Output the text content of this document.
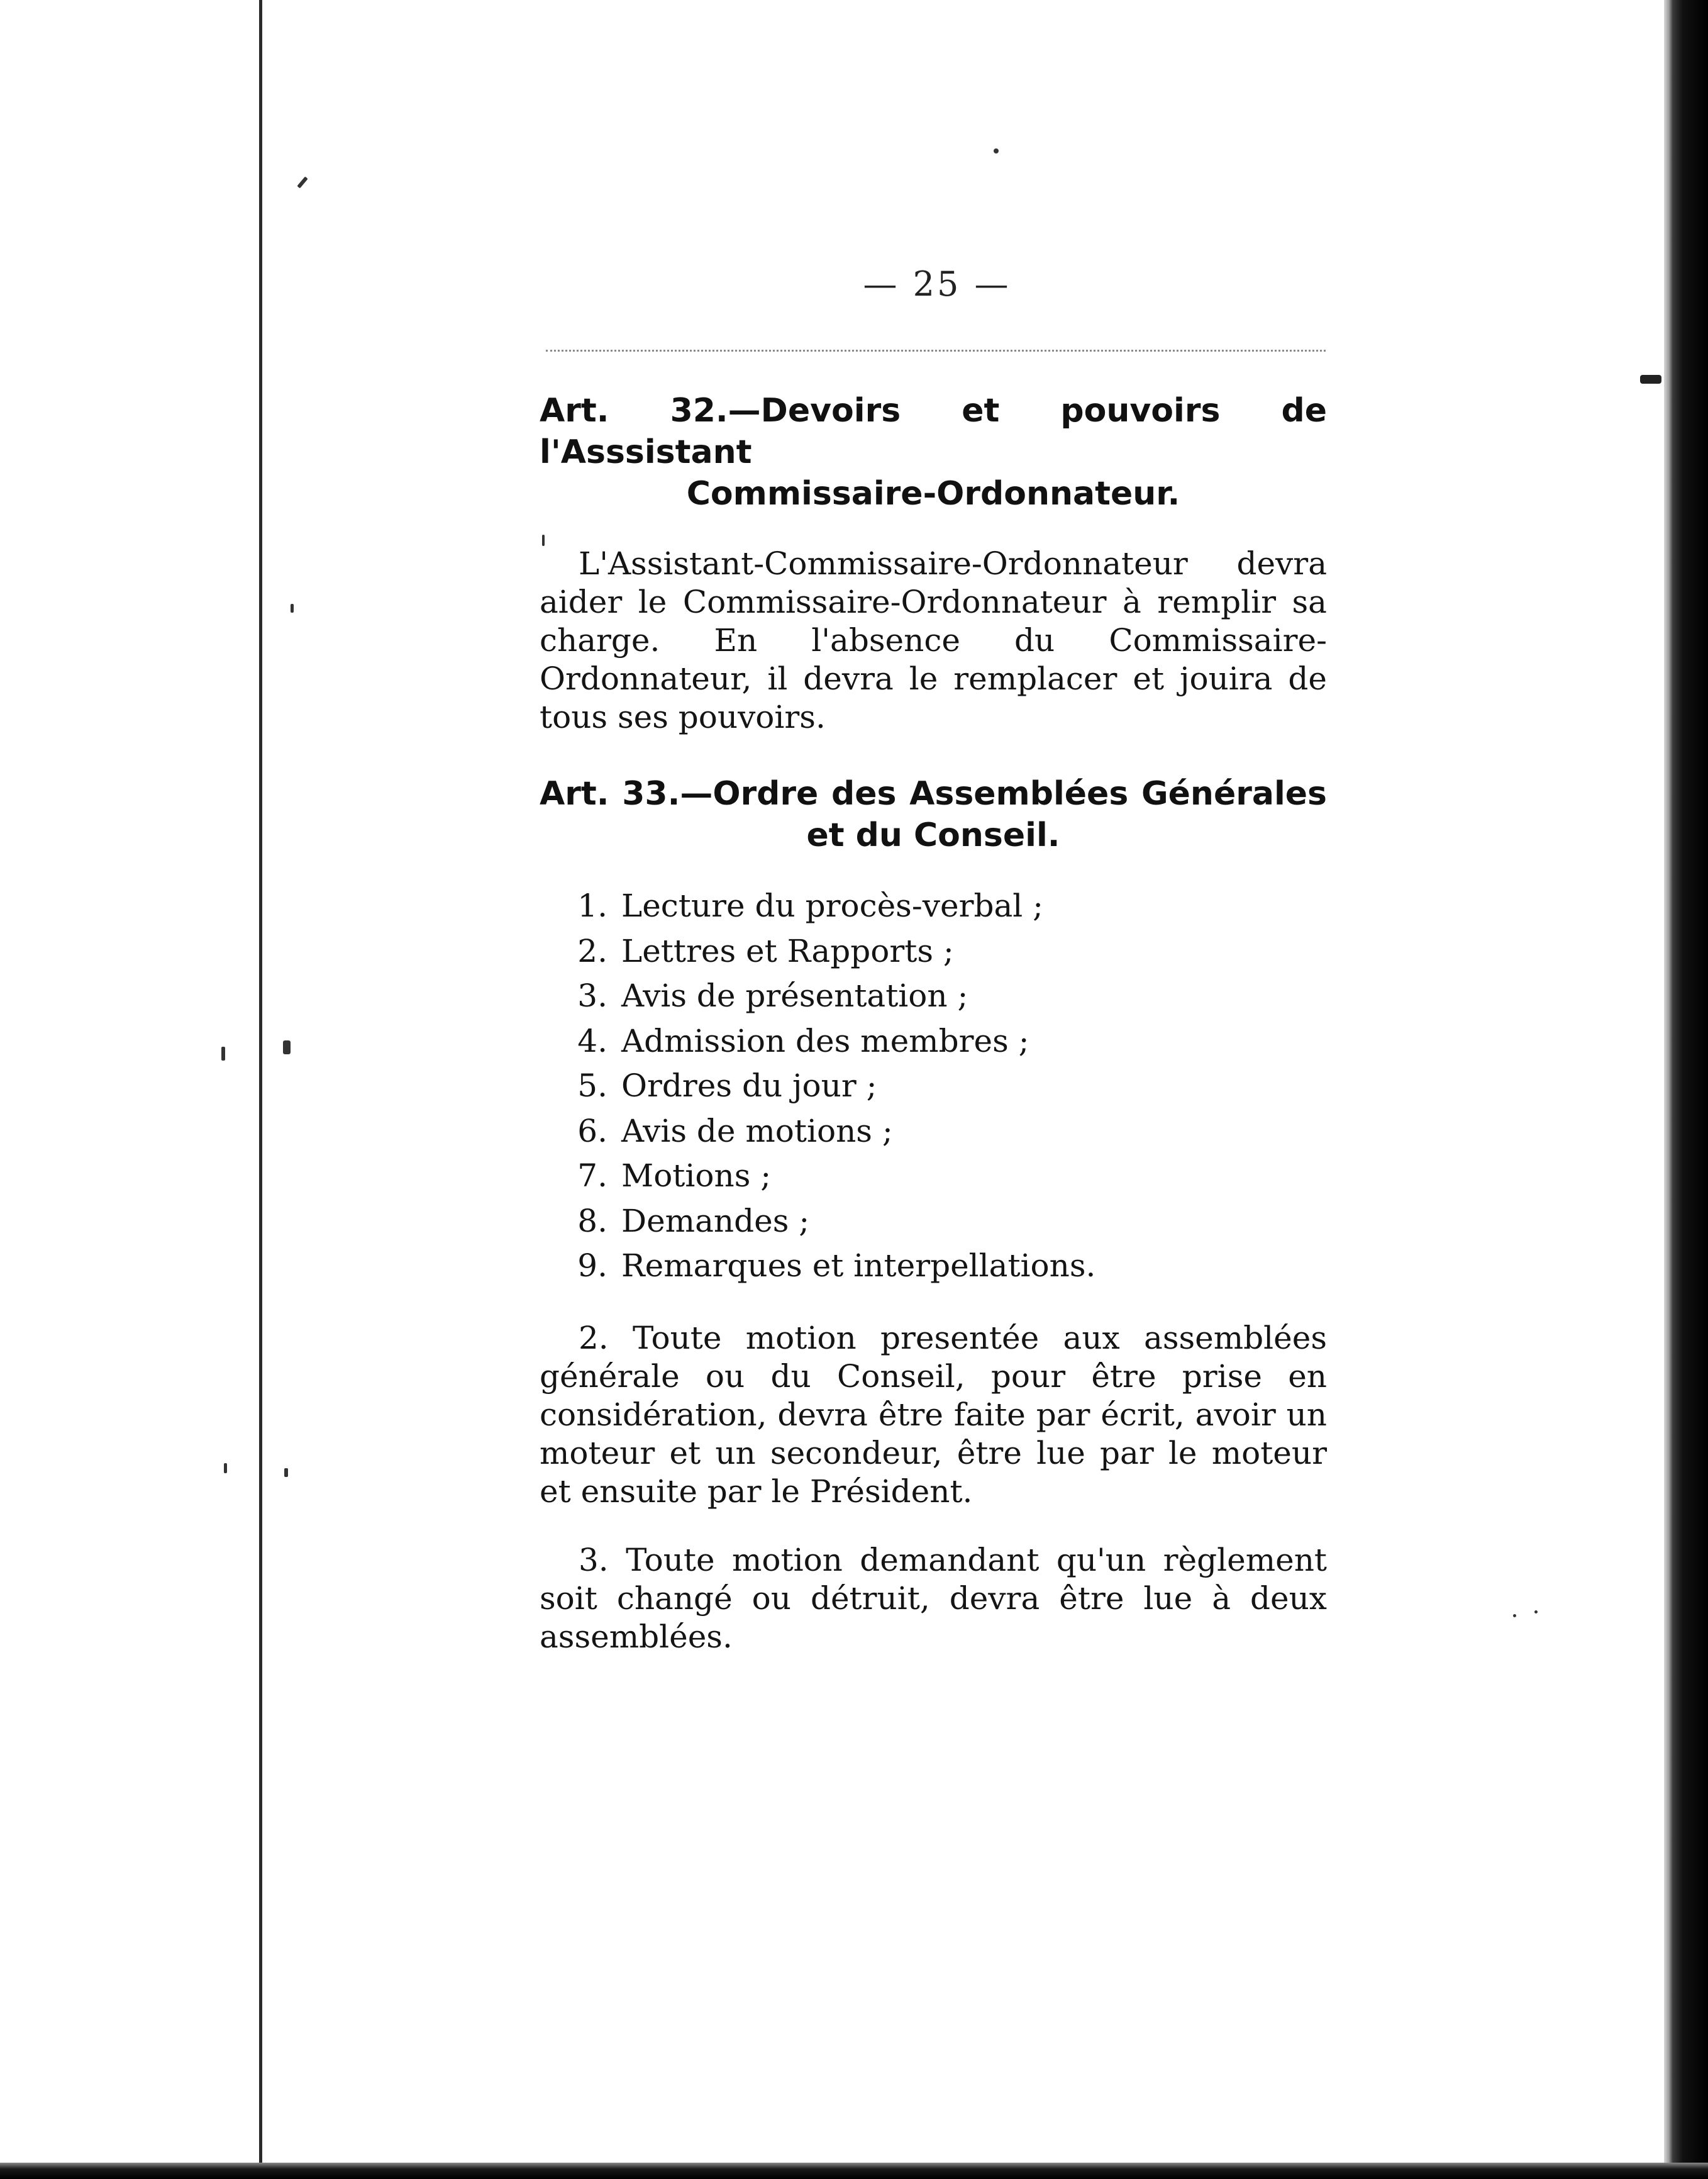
— 25 —
Art. 32.—Devoirs et pouvoirs de l'Asssistant
Commissaire-Ordonnateur.

L'Assistant-Commissaire-Ordonnateur devra aider le Commissaire-Ordonnateur à remplir sa charge. En l'absence du Commissaire-Ordonnateur, il devra le remplacer et jouira de tous ses pouvoirs.

Art. 33.—Ordre des Assemblées Générales
et du Conseil.
1. Lecture du procès-verbal ;
2. Lettres et Rapports ;
3. Avis de présentation ;
4. Admission des membres ;
5. Ordres du jour ;
6. Avis de motions ;
7. Motions ;
8. Demandes ;
9. Remarques et interpellations.

2. Toute motion presentée aux assemblées générale ou du Conseil, pour être prise en considération, devra être faite par écrit, avoir un moteur et un secondeur, être lue par le moteur et ensuite par le Président.

3. Toute motion demandant qu'un règlement soit changé ou détruit, devra être lue à deux assemblées.
